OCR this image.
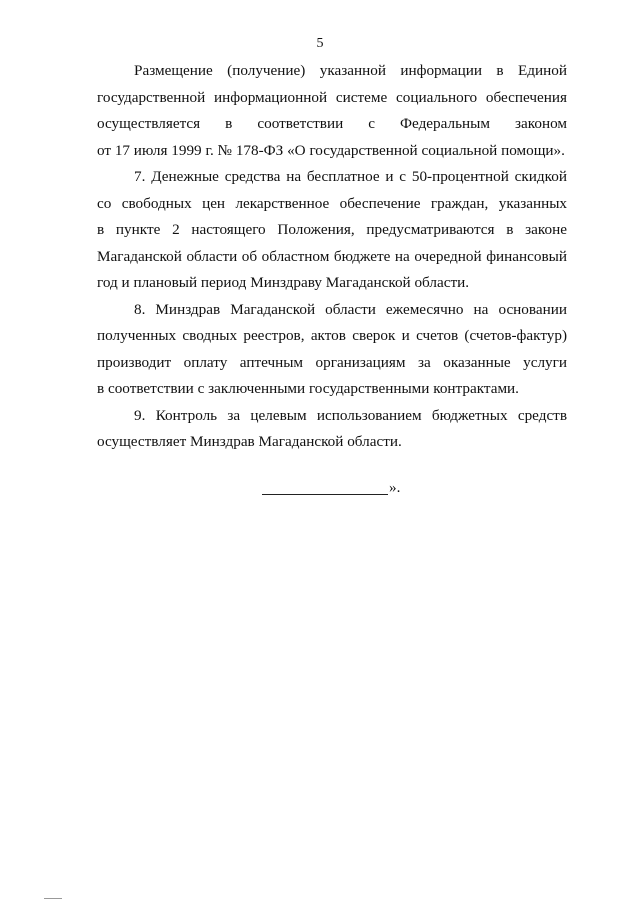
5

Размещение (получение) указанной информации в Единой
государственной информационной системе социального обеспечения
осуществляется в соответствии с Федеральным законом
от 17 июля 1999 г. № 178-ФЗ «О государственной социальной помощи».

7. Денежные средства на бесплатное и с 50-процентной скидкой
со свободных цен лекарственное обеспечение граждан, указанных
в пункте 2 настоящего Положения, предусматриваются в законе
Магаданской области об областном бюджете на очередной финансовый
год и плановый период Минздраву Магаданской области.

8. Минздрав Магаданской области ежемесячно на основании
полученных сводных реестров, актов сверок и счетов (счетов-фактур)
производит оплату аптечным организациям за оказанные услуги
в соответствии с заключенными государственными контрактами.

9. Контроль за целевым использованием бюджетных средств
осуществляет Минздрав Магаданской области.

».
